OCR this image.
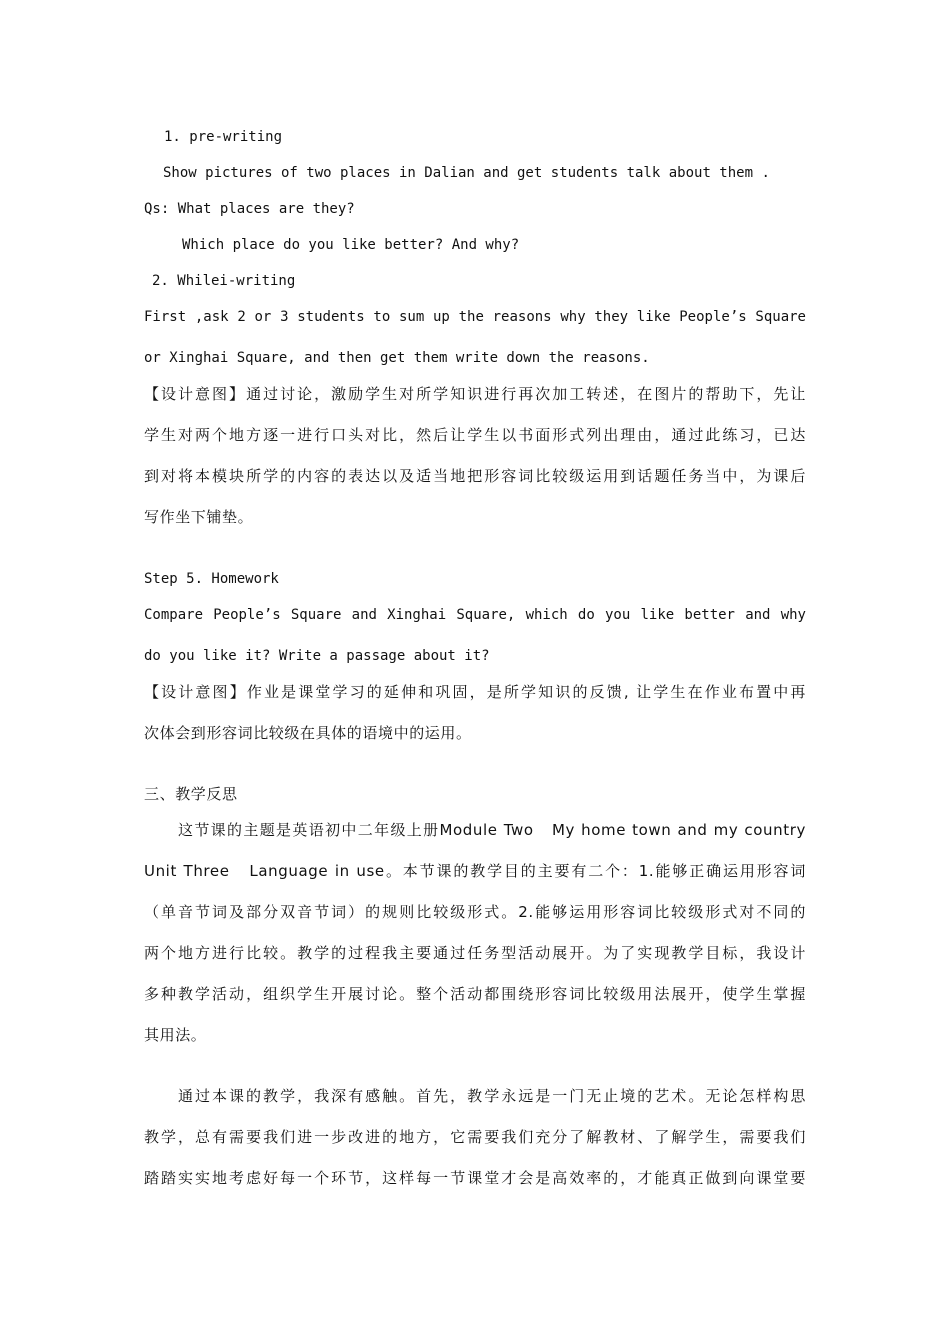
1. pre-writing
Show pictures of two places in Dalian and get students talk about them .
Qs: What places are they?
Which place do you like better? And why?
2. Whilei-writing
First ,ask 2 or 3 students to sum up the reasons why they like People’s Square
or Xinghai Square, and then get them write down the reasons.
【设计意图】通过讨论，激励学生对所学知识进行再次加工转述，在图片的帮助下，先让
学生对两个地方逐一进行口头对比，然后让学生以书面形式列出理由，通过此练习，已达
到对将本模块所学的内容的表达以及适当地把形容词比较级运用到话题任务当中，为课后
写作坐下铺垫。
Step 5. Homework
Compare People’s Square and Xinghai Square, which do you like better and why
do you like it? Write a passage about it?
【设计意图】作业是课堂学习的延伸和巩固，是所学知识的反馈, 让学生在作业布置中再
次体会到形容词比较级在具体的语境中的运用。
三、教学反思
这节课的主题是英语初中二年级上册Module Two   My home town and my country
Unit Three   Language in use。本节课的教学目的主要有二个：1.能够正确运用形容词
（单音节词及部分双音节词）的规则比较级形式。2.能够运用形容词比较级形式对不同的
两个地方进行比较。教学的过程我主要通过任务型活动展开。为了实现教学目标，我设计
多种教学活动，组织学生开展讨论。整个活动都围绕形容词比较级用法展开，使学生掌握
其用法。
通过本课的教学，我深有感触。首先，教学永远是一门无止境的艺术。无论怎样构思
教学，总有需要我们进一步改进的地方，它需要我们充分了解教材、了解学生，需要我们
踏踏实实地考虑好每一个环节，这样每一节课堂才会是高效率的，才能真正做到向课堂要
